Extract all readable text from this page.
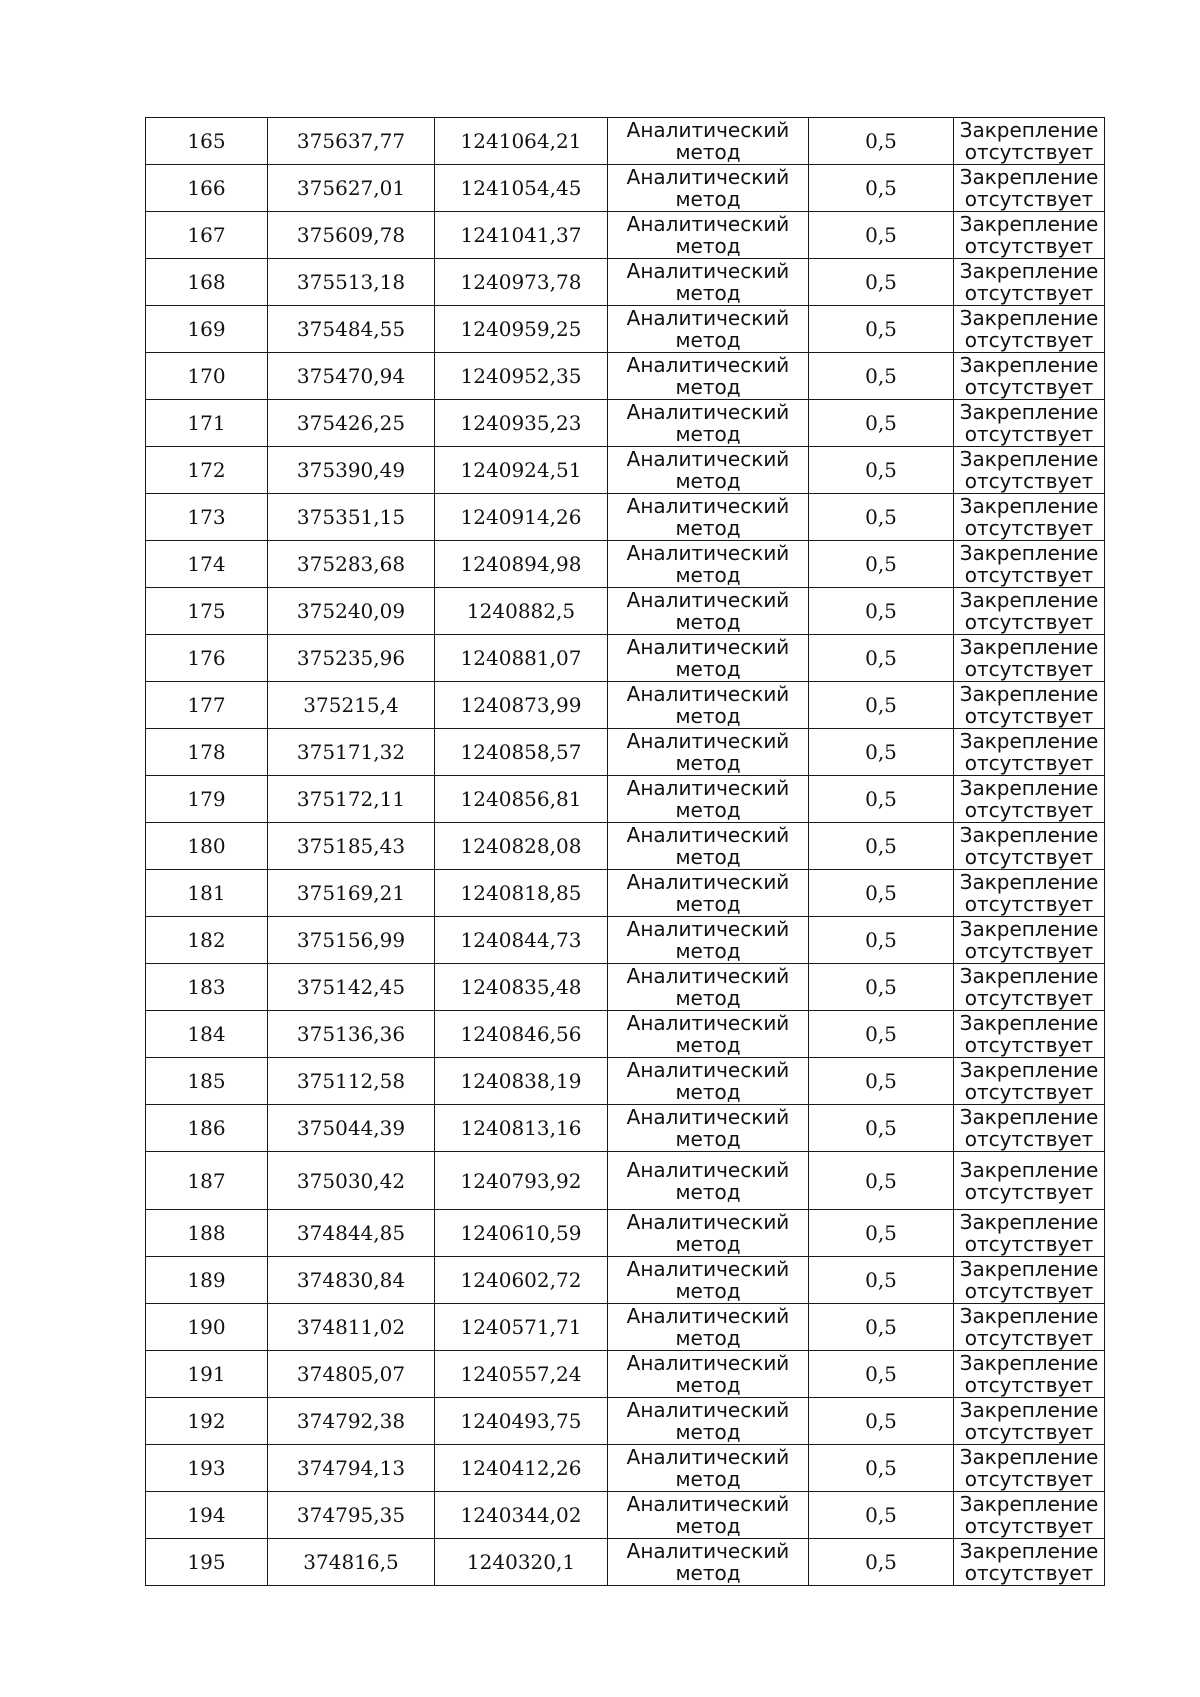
165	375637,77	1241064,21	Аналитический
метод	0,5	Закрепление
отсутствует

166	375627,01	1241054,45	Аналитический
метод	0,5	Закрепление
отсутствует

167	375609,78	1241041,37	Аналитический
метод	0,5	Закрепление
отсутствует

168	375513,18	1240973,78	Аналитический
метод	0,5	Закрепление
отсутствует

169	375484,55	1240959,25	Аналитический
метод	0,5	Закрепление
отсутствует

170	375470,94	1240952,35	Аналитический
метод	0,5	Закрепление
отсутствует

171	375426,25	1240935,23	Аналитический
метод	0,5	Закрепление
отсутствует

172	375390,49	1240924,51	Аналитический
метод	0,5	Закрепление
отсутствует

173	375351,15	1240914,26	Аналитический
метод	0,5	Закрепление
отсутствует

174	375283,68	1240894,98	Аналитический
метод	0,5	Закрепление
отсутствует

175	375240,09	1240882,5	Аналитический
метод	0,5	Закрепление
отсутствует

176	375235,96	1240881,07	Аналитический
метод	0,5	Закрепление
отсутствует

177	375215,4	1240873,99	Аналитический
метод	0,5	Закрепление
отсутствует

178	375171,32	1240858,57	Аналитический
метод	0,5	Закрепление
отсутствует

179	375172,11	1240856,81	Аналитический
метод	0,5	Закрепление
отсутствует

180	375185,43	1240828,08	Аналитический
метод	0,5	Закрепление
отсутствует

181	375169,21	1240818,85	Аналитический
метод	0,5	Закрепление
отсутствует

182	375156,99	1240844,73	Аналитический
метод	0,5	Закрепление
отсутствует

183	375142,45	1240835,48	Аналитический
метод	0,5	Закрепление
отсутствует

184	375136,36	1240846,56	Аналитический
метод	0,5	Закрепление
отсутствует

185	375112,58	1240838,19	Аналитический
метод	0,5	Закрепление
отсутствует

186	375044,39	1240813,16	Аналитический
метод	0,5	Закрепление
отсутствует

187	375030,42	1240793,92	Аналитический
метод	0,5	Закрепление
отсутствует

188	374844,85	1240610,59	Аналитический
метод	0,5	Закрепление
отсутствует

189	374830,84	1240602,72	Аналитический
метод	0,5	Закрепление
отсутствует

190	374811,02	1240571,71	Аналитический
метод	0,5	Закрепление
отсутствует

191	374805,07	1240557,24	Аналитический
метод	0,5	Закрепление
отсутствует

192	374792,38	1240493,75	Аналитический
метод	0,5	Закрепление
отсутствует

193	374794,13	1240412,26	Аналитический
метод	0,5	Закрепление
отсутствует

194	374795,35	1240344,02	Аналитический
метод	0,5	Закрепление
отсутствует

195	374816,5	1240320,1	Аналитический
метод	0,5	Закрепление
отсутствует
